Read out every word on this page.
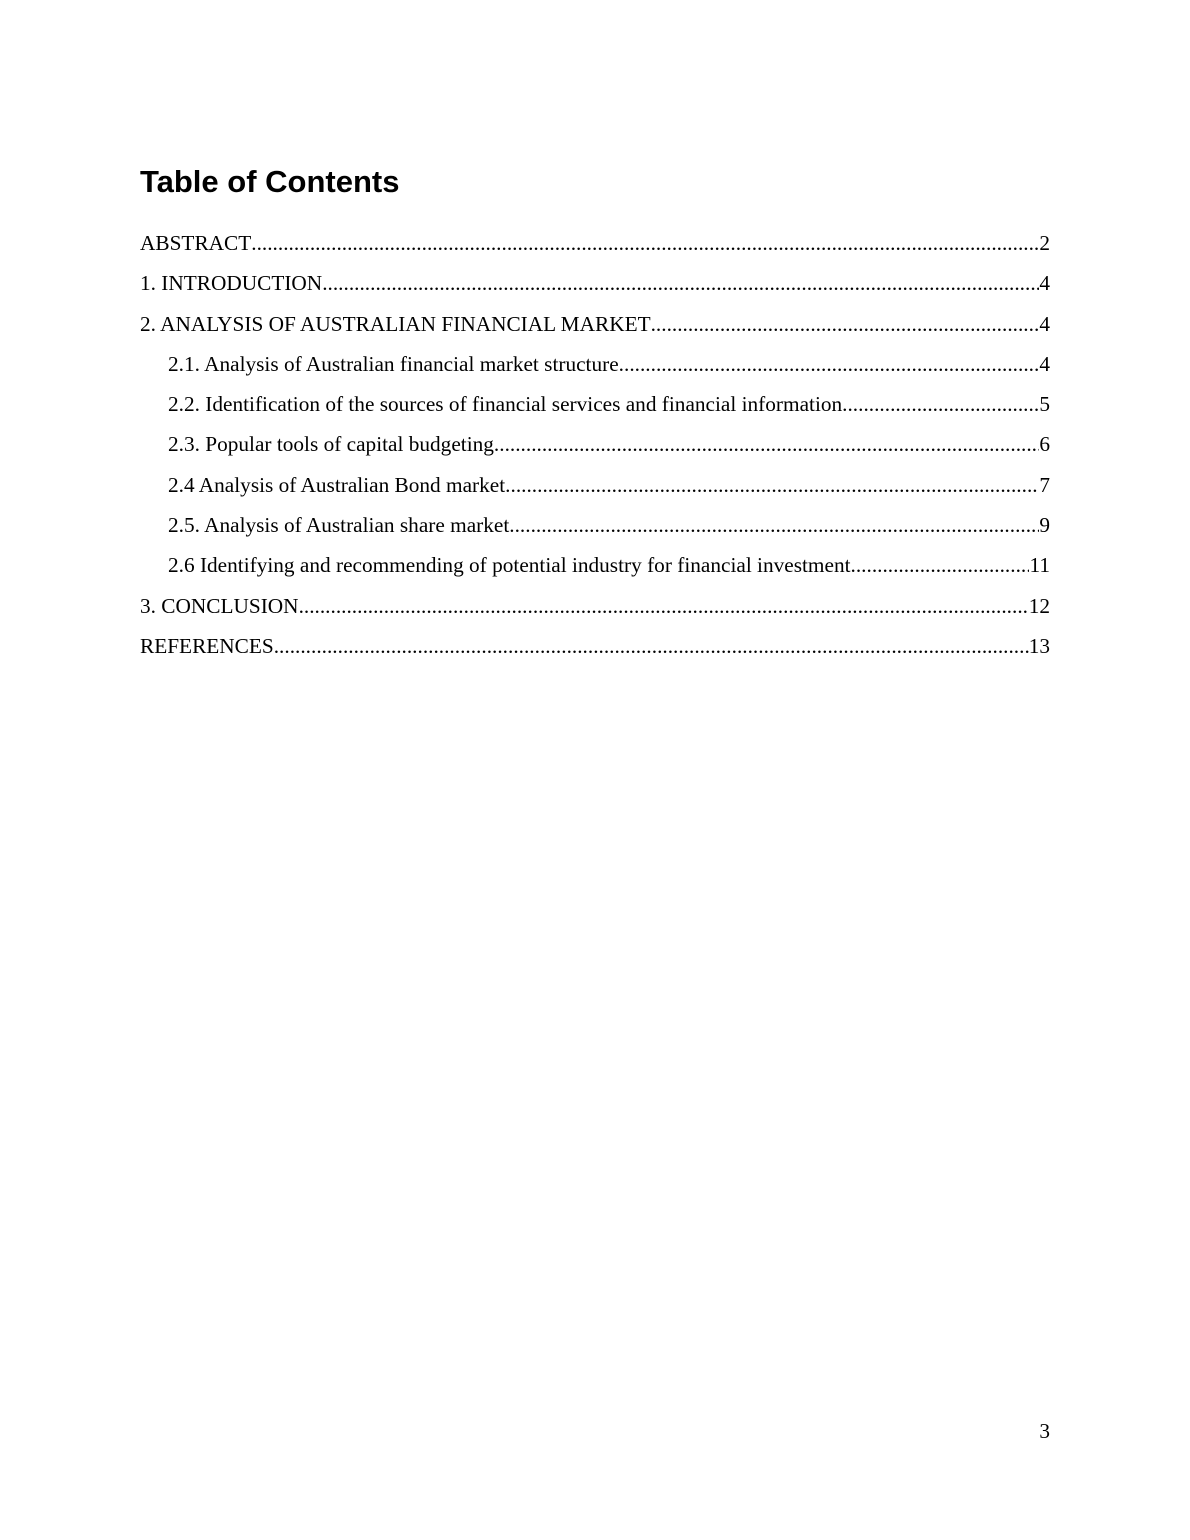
Table of Contents
ABSTRACT .....	2
1. INTRODUCTION .....	4
2. ANALYSIS OF AUSTRALIAN FINANCIAL MARKET .....	4
2.1. Analysis of Australian financial market structure .....	4
2.2. Identification of the sources of financial services and financial information. .....	5
2.3. Popular tools of capital budgeting .....	6
2.4 Analysis of Australian Bond market .....	7
2.5. Analysis of Australian share market .....	9
2.6 Identifying and recommending of potential industry for financial investment .....	11
3. CONCLUSION .....	12
REFERENCES .....	13
3
